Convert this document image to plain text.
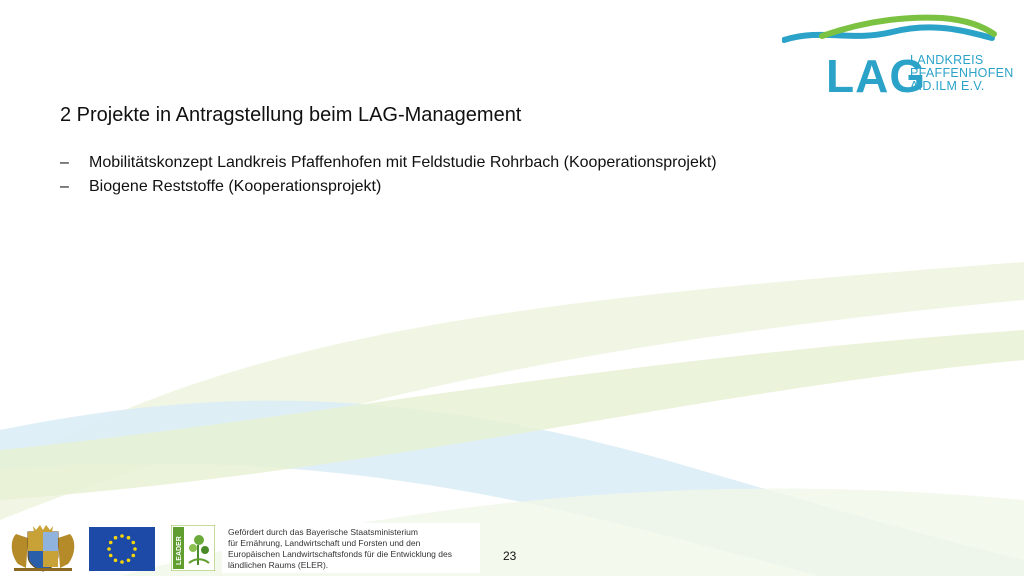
LAG
LANDKREIS
PFAFFENHOFEN
A.D.ILM E.V.
2 Projekte in Antragstellung beim LAG-Management
–	Mobilitätskonzept Landkreis Pfaffenhofen mit Feldstudie Rohrbach (Kooperationsprojekt)
–	Biogene Reststoffe (Kooperationsprojekt)
LEADER
Gefördert durch das Bayerische Staatsministerium
für Ernährung, Landwirtschaft und Forsten und den
Europäischen Landwirtschaftsfonds für die Entwicklung des
ländlichen Raums (ELER).
23
